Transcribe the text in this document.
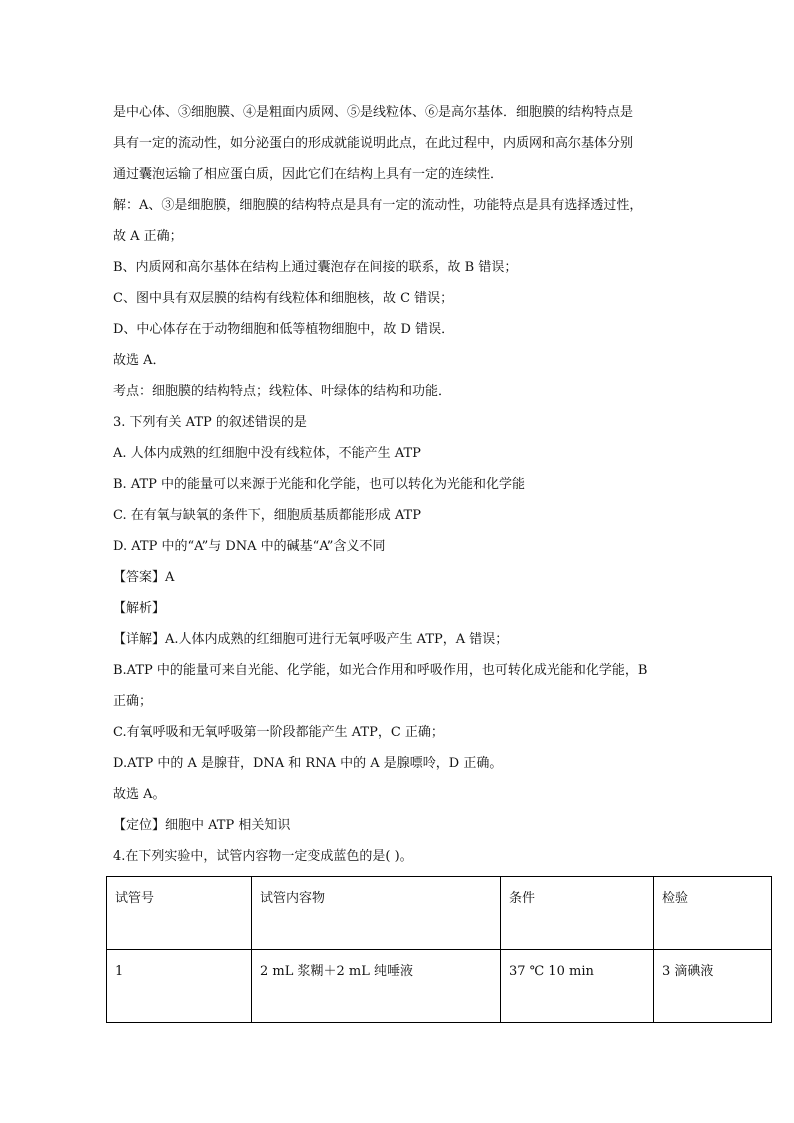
是中心体、③细胞膜、④是粗面内质网、⑤是线粒体、⑥是高尔基体．细胞膜的结构特点是
具有一定的流动性，如分泌蛋白的形成就能说明此点，在此过程中，内质网和高尔基体分别
通过囊泡运输了相应蛋白质，因此它们在结构上具有一定的连续性．
解：A、③是细胞膜，细胞膜的结构特点是具有一定的流动性，功能特点是具有选择透过性，
故 A 正确；
B、内质网和高尔基体在结构上通过囊泡存在间接的联系，故 B 错误；
C、图中具有双层膜的结构有线粒体和细胞核，故 C 错误；
D、中心体存在于动物细胞和低等植物细胞中，故 D 错误．
故选 A．
考点：细胞膜的结构特点；线粒体、叶绿体的结构和功能．
3. 下列有关 ATP 的叙述错误的是
A. 人体内成熟的红细胞中没有线粒体，不能产生 ATP
B. ATP 中的能量可以来源于光能和化学能，也可以转化为光能和化学能
C. 在有氧与缺氧的条件下，细胞质基质都能形成 ATP
D. ATP 中的“A”与 DNA 中的碱基“A”含义不同
【答案】A
【解析】
【详解】A.人体内成熟的红细胞可进行无氧呼吸产生 ATP，A 错误；
B.ATP 中的能量可来自光能、化学能，如光合作用和呼吸作用，也可转化成光能和化学能，B
正确；
C.有氧呼吸和无氧呼吸第一阶段都能产生 ATP，C 正确；
D.ATP 中的 A 是腺苷，DNA 和 RNA 中的 A 是腺嘌呤，D 正确。
故选 A。
【定位】细胞中 ATP 相关知识
4.在下列实验中，试管内容物一定变成蓝色的是( )。
试管号	试管内容物	条件	检验
1	2 mL 浆糊＋2 mL 纯唾液	37 ℃ 10 min	3 滴碘液
